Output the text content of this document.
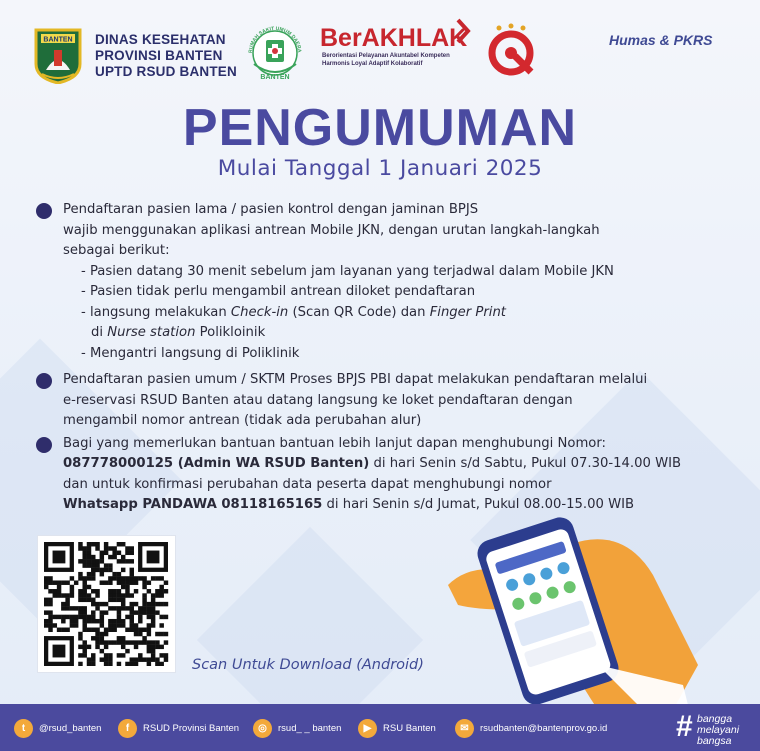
BANTEN DINAS KESEHATAN
PROVINSI BANTEN
UPTD RSUD BANTEN
RUMAH SAKIT UMUM DAERA
BANTEN
BerAKHLAK
Berorientasi Pelayanan Akuntabel Kompeten
Harmonis Loyal Adaptif Kolaboratif
Humas & PKRS
PENGUMUMAN
Mulai Tanggal 1 Januari 2025
Pendaftaran pasien lama / pasien kontrol dengan jaminan BPJS
wajib menggunakan aplikasi antrean Mobile JKN, dengan urutan langkah-langkah
sebagai berikut:
- Pasien datang 30 menit sebelum jam layanan yang terjadwal dalam Mobile JKN
- Pasien tidak perlu mengambil antrean diloket pendaftaran
- langsung melakukan Check-in (Scan QR Code) dan Finger Print
di Nurse station Polikloinik
- Mengantri langsung di Poliklinik
Pendaftaran pasien umum / SKTM Proses BPJS PBI dapat melakukan pendaftaran melalui
e-reservasi RSUD Banten atau datang langsung ke loket pendaftaran dengan
mengambil nomor antrean (tidak ada perubahan alur)
Bagi yang memerlukan bantuan bantuan lebih lanjut dapan menghubungi Nomor:
087778000125 (Admin WA RSUD Banten) di hari Senin s/d Sabtu, Pukul 07.30-14.00 WIB
dan untuk konfirmasi perubahan data peserta dapat menghubungi nomor
Whatsapp PANDAWA 08118165165 di hari Senin s/d Jumat, Pukul 08.00-15.00 WIB
Scan Untuk Download (Android)
t	@rsud_banten	f	RSUD Provinsi Banten	◎	rsud_ _ banten	▶	RSU Banten	✉	rsudbanten@bantenprov.go.id # bangga
melayani
bangsa
